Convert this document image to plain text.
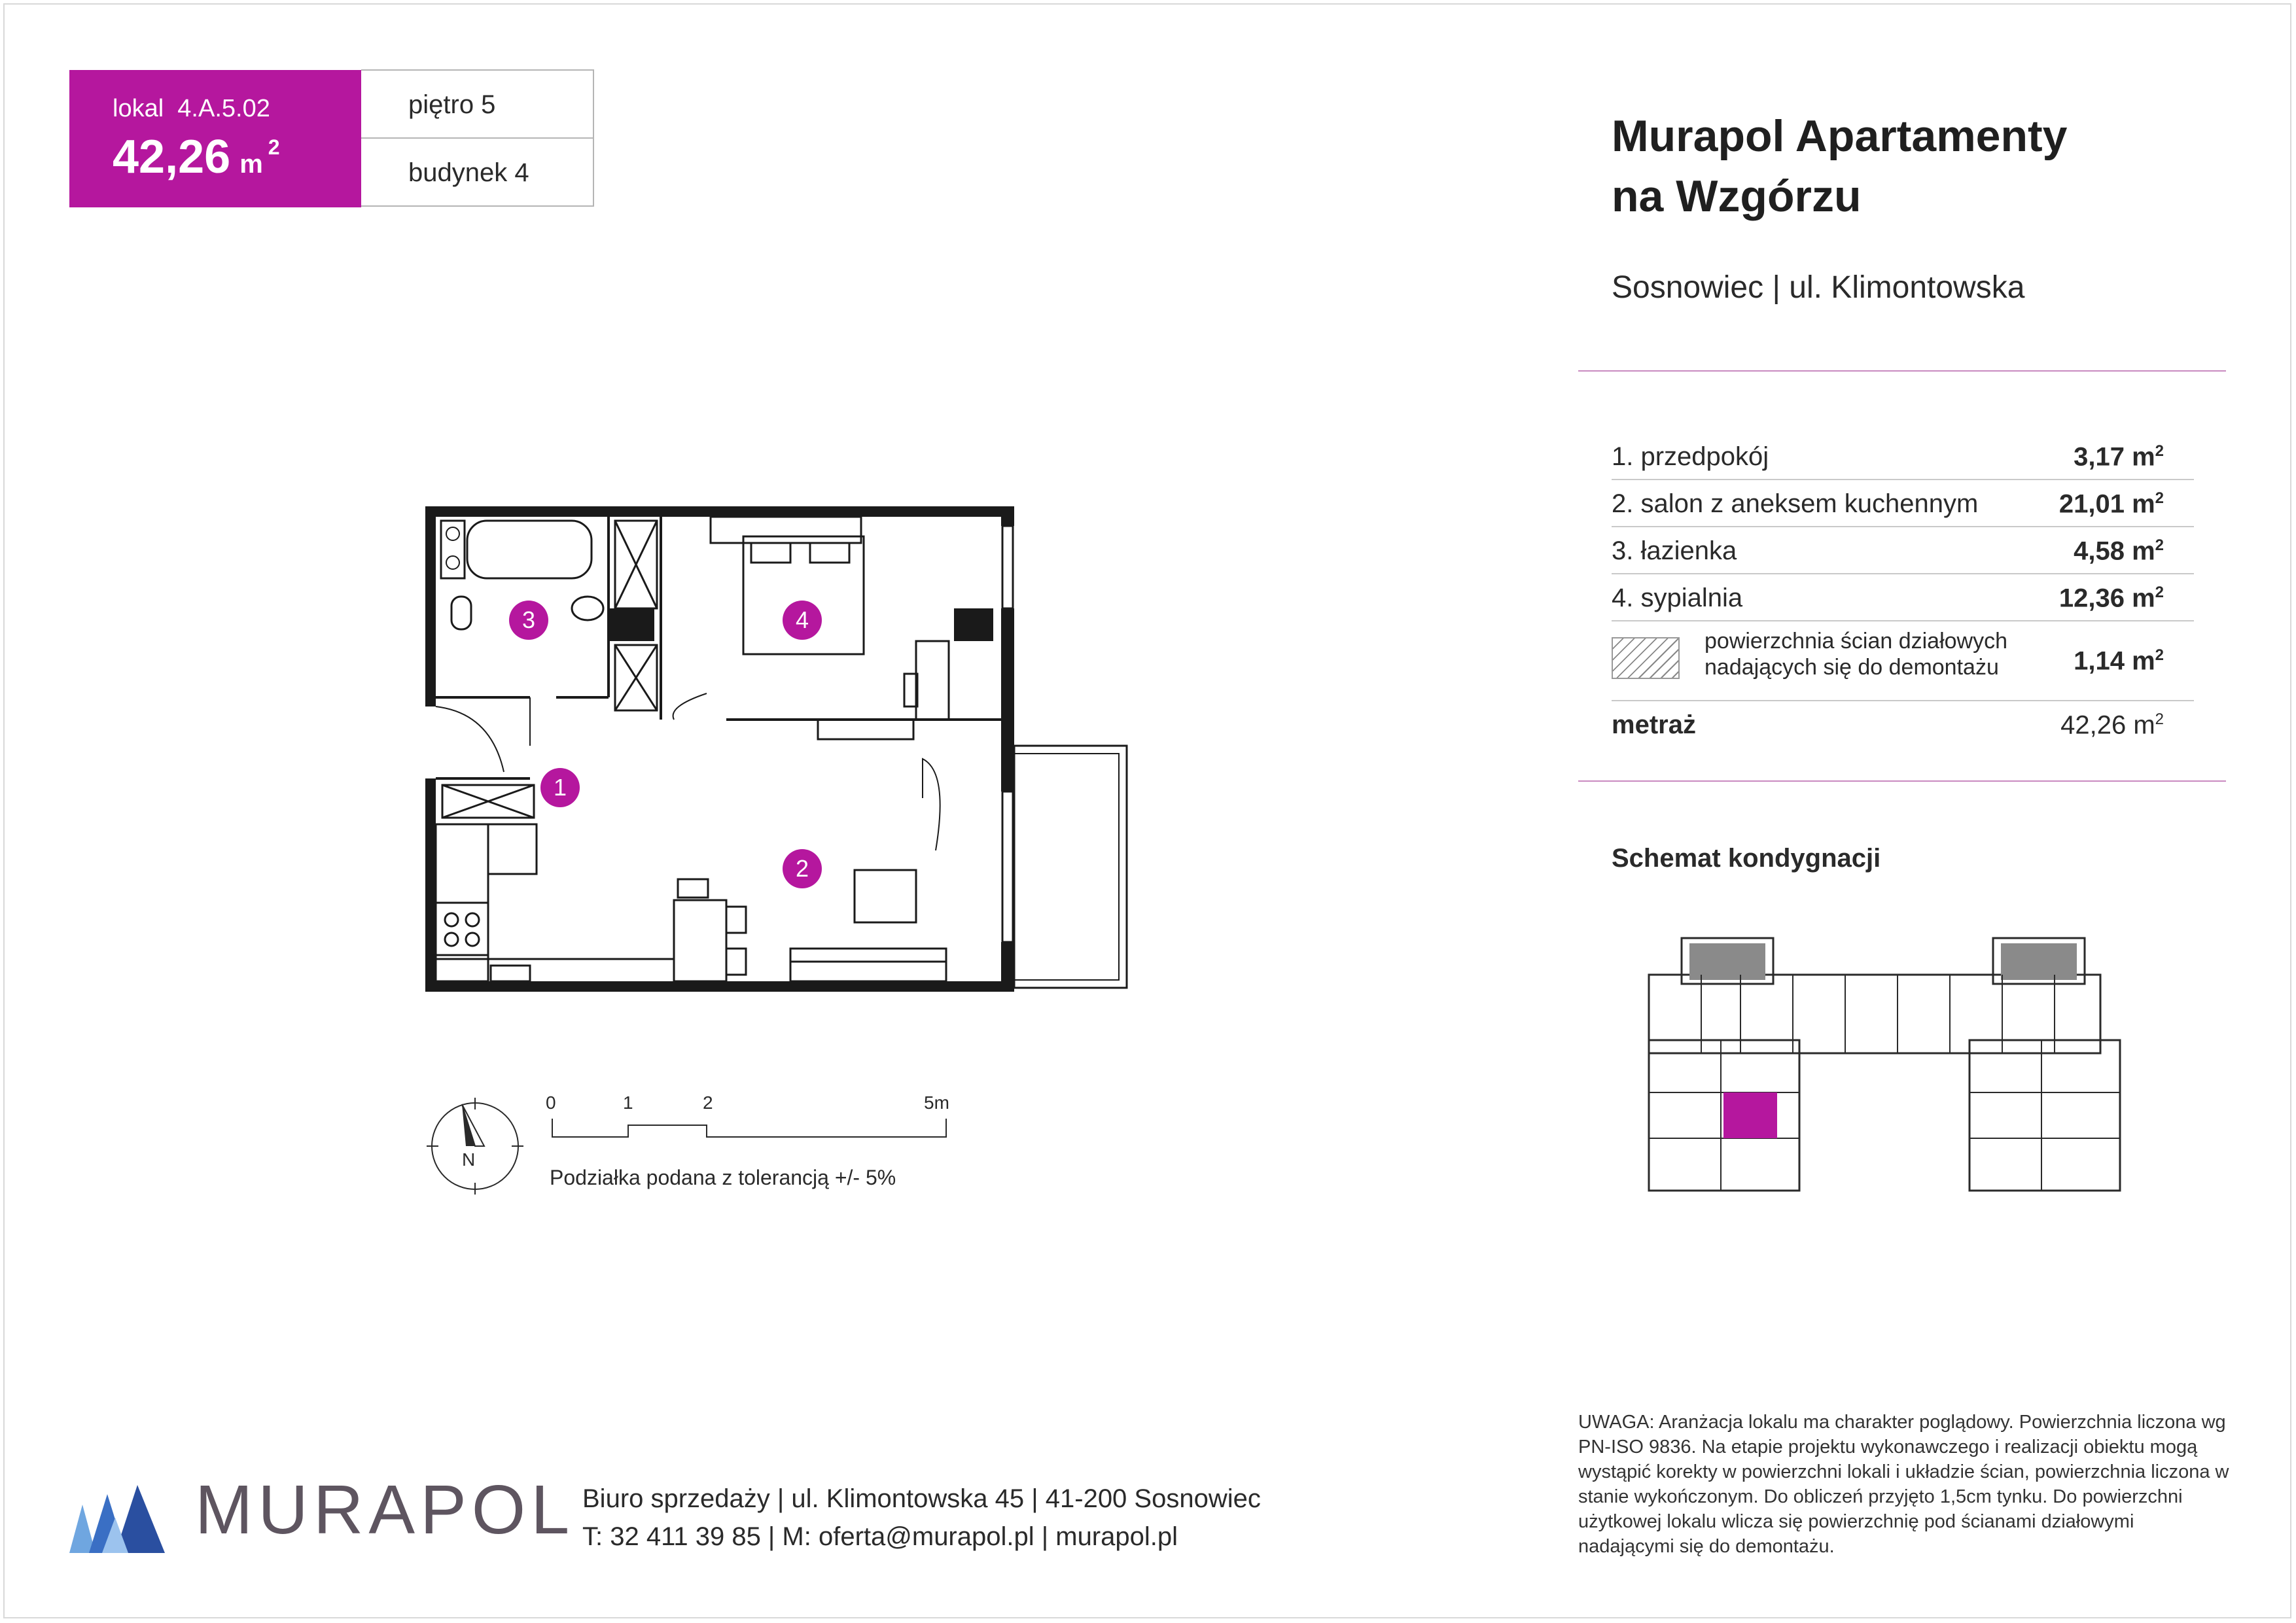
lokal 4.A.5.02
42,26 $m^2$
piętro 5
budynek 4
Murapol Apartamenty
na Wzgórzu
Sosnowiec | ul. Klimontowska
1. przedpokój	3,17 $m^2$
2. salon z aneksem kuchennym	21,01 $m^2$
3. łazienka	4,58 $m^2$
4. sypialnia	12,36 $m^2$
powierzchnia ścian działowych
nadających się do demontażu	1,14 $m^2$
metraż	42,26 $m^2$
Schemat kondygnacji
3	4
1
2
N
0	1	2	5m
Podziałka podana z tolerancją +/- 5%
UWAGA: Aranżacja lokalu ma charakter poglądowy. Powierzchnia liczona wg PN-ISO 9836. Na etapie projektu wykonawczego i realizacji obiektu mogą wystąpić korekty w powierzchni lokali i układzie ścian, powierzchnia liczona w stanie wykończonym. Do obliczeń przyjęto 1,5cm tynku. Do powierzchni użytkowej lokalu wlicza się powierzchnię pod ścianami działowymi nadającymi się do demontażu.
MURAPOL Biuro sprzedaży | ul. Klimontowska 45 | 41-200 Sosnowiec
T: 32 411 39 85 | M: oferta@murapol.pl | murapol.pl
